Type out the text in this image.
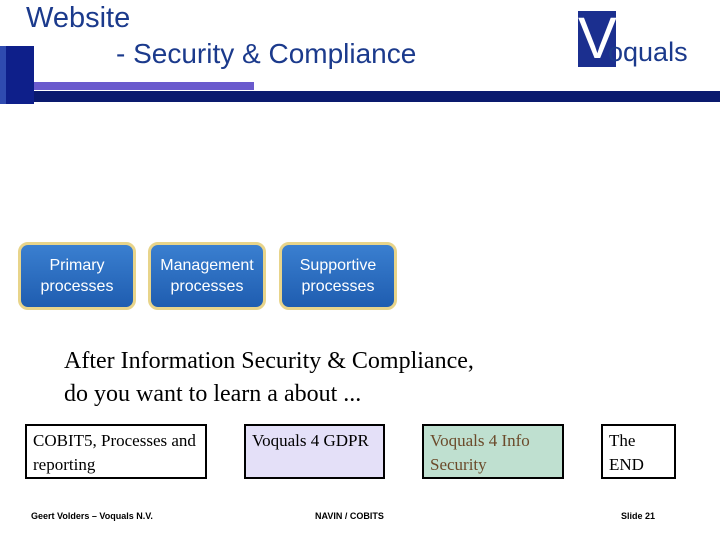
Website
- Security & Compliance	V
oquals
Primary processes
Management processes
Supportive processes
After Information Security & Compliance,
do you want to learn a about ...
COBIT5, Processes and reporting
Voquals 4 GDPR	Voquals 4 Info Security
The END
Geert Volders – Voquals N.V.	NAVIN / COBITS	Slide 21
